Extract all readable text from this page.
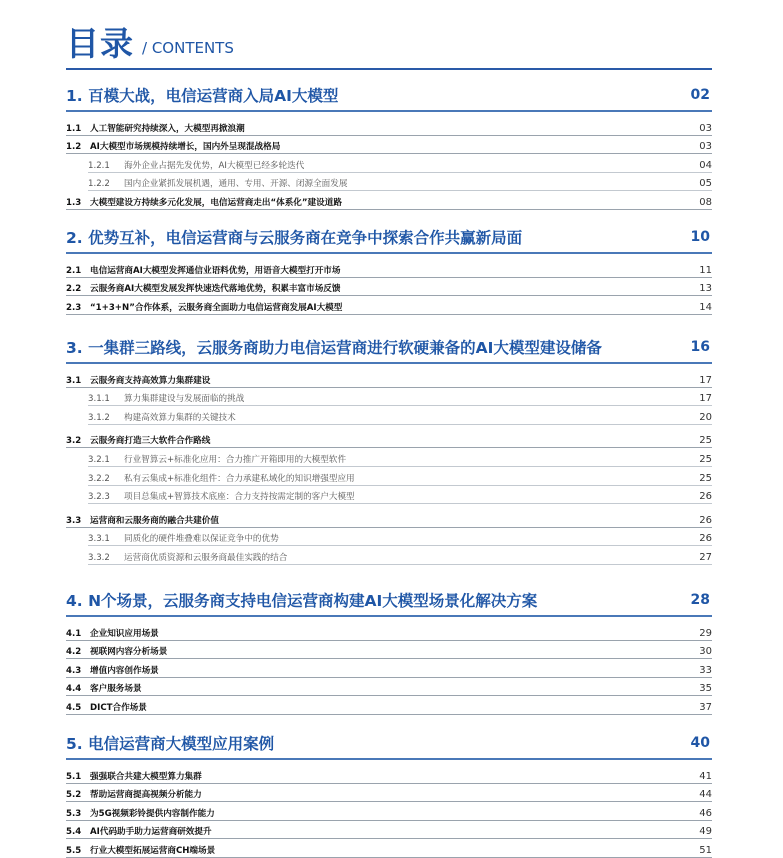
目录 / CONTENTS
1. 百模大战，电信运营商入局AI大模型	02
1.1	人工智能研究持续深入，大模型再掀浪潮	03
1.2	AI大模型市场规模持续增长，国内外呈现混战格局	03
1.2.1	海外企业占据先发优势，AI大模型已经多轮迭代	04
1.2.2	国内企业紧抓发展机遇，通用、专用、开源、闭源全面发展	05
1.3	大模型建设方持续多元化发展，电信运营商走出“体系化”建设道路	08
2. 优势互补，电信运营商与云服务商在竞争中探索合作共赢新局面	10
2.1	电信运营商AI大模型发挥通信业语料优势，用语音大模型打开市场	11
2.2	云服务商AI大模型发展发挥快速迭代落地优势，积累丰富市场反馈	13
2.3	“1+3+N”合作体系，云服务商全面助力电信运营商发展AI大模型	14
3. 一集群三路线，云服务商助力电信运营商进行软硬兼备的AI大模型建设储备	16
3.1	云服务商支持高效算力集群建设	17
3.1.1	算力集群建设与发展面临的挑战	17
3.1.2	构建高效算力集群的关键技术	20
3.2	云服务商打造三大软件合作路线	25
3.2.1	行业智算云+标准化应用：合力推广开箱即用的大模型软件	25
3.2.2	私有云集成+标准化组件：合力承建私域化的知识增强型应用	25
3.2.3	项目总集成+智算技术底座：合力支持按需定制的客户大模型	26
3.3	运营商和云服务商的融合共建价值	26
3.3.1	同质化的硬件堆叠难以保证竞争中的优势	26
3.3.2	运营商优质资源和云服务商最佳实践的结合	27
4. N个场景，云服务商支持电信运营商构建AI大模型场景化解决方案	28
4.1	企业知识应用场景	29
4.2	视联网内容分析场景	30
4.3	增值内容创作场景	33
4.4	客户服务场景	35
4.5	DICT合作场景	37
5. 电信运营商大模型应用案例	40
5.1	强强联合共建大模型算力集群	41
5.2	帮助运营商提高视频分析能力	44
5.3	为5G视频彩铃提供内容制作能力	46
5.4	AI代码助手助力运营商研效提升	49
5.5	行业大模型拓展运营商CH端场景	51
